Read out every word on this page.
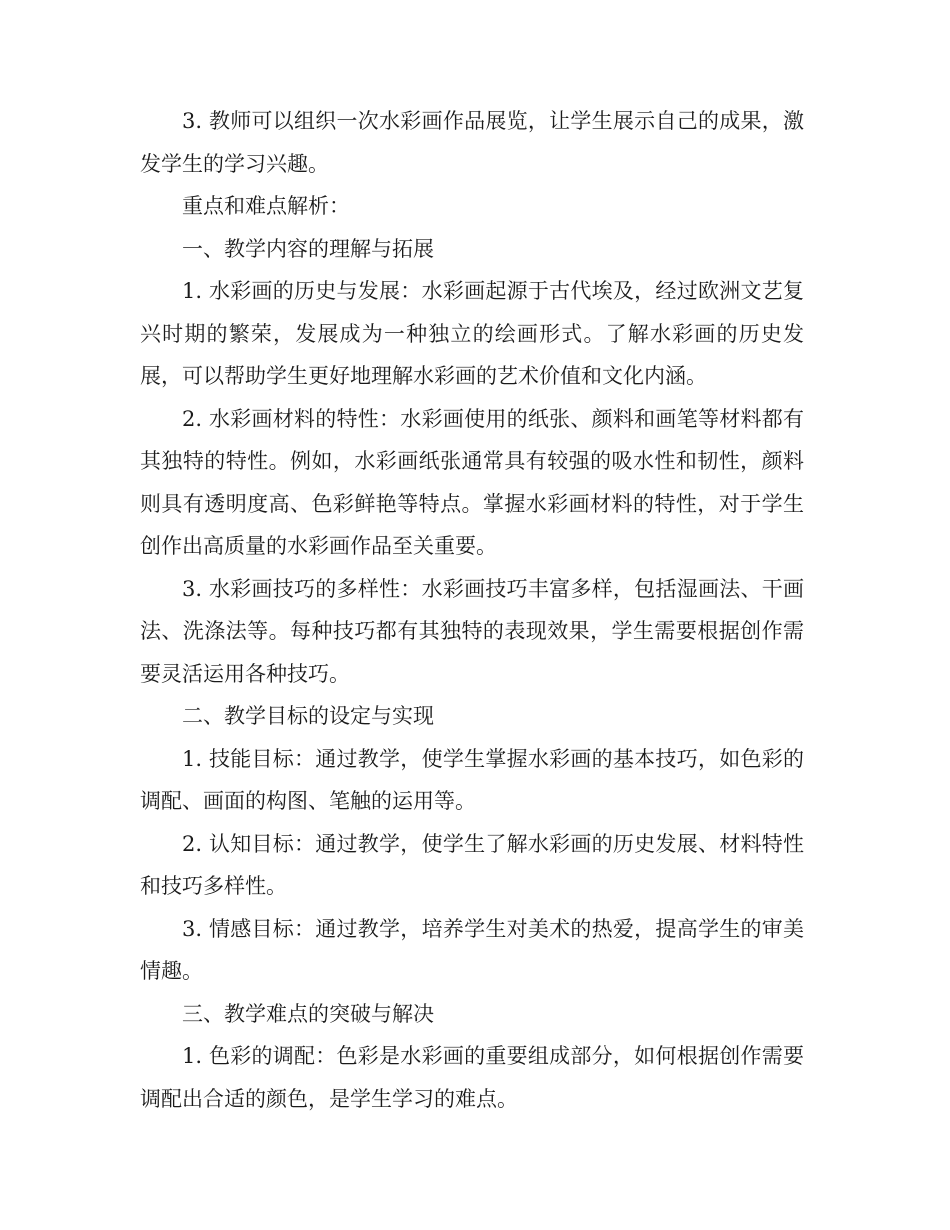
3. 教师可以组织一次水彩画作品展览，让学生展示自己的成果，激发学生的学习兴趣。

重点和难点解析：

一、教学内容的理解与拓展

1. 水彩画的历史与发展：水彩画起源于古代埃及，经过欧洲文艺复兴时期的繁荣，发展成为一种独立的绘画形式。了解水彩画的历史发展，可以帮助学生更好地理解水彩画的艺术价值和文化内涵。

2. 水彩画材料的特性：水彩画使用的纸张、颜料和画笔等材料都有其独特的特性。例如，水彩画纸张通常具有较强的吸水性和韧性，颜料则具有透明度高、色彩鲜艳等特点。掌握水彩画材料的特性，对于学生创作出高质量的水彩画作品至关重要。

3. 水彩画技巧的多样性：水彩画技巧丰富多样，包括湿画法、干画法、洗涤法等。每种技巧都有其独特的表现效果，学生需要根据创作需要灵活运用各种技巧。

二、教学目标的设定与实现

1. 技能目标：通过教学，使学生掌握水彩画的基本技巧，如色彩的调配、画面的构图、笔触的运用等。

2. 认知目标：通过教学，使学生了解水彩画的历史发展、材料特性和技巧多样性。

3. 情感目标：通过教学，培养学生对美术的热爱，提高学生的审美情趣。

三、教学难点的突破与解决

1. 色彩的调配：色彩是水彩画的重要组成部分，如何根据创作需要调配出合适的颜色，是学生学习的难点。
